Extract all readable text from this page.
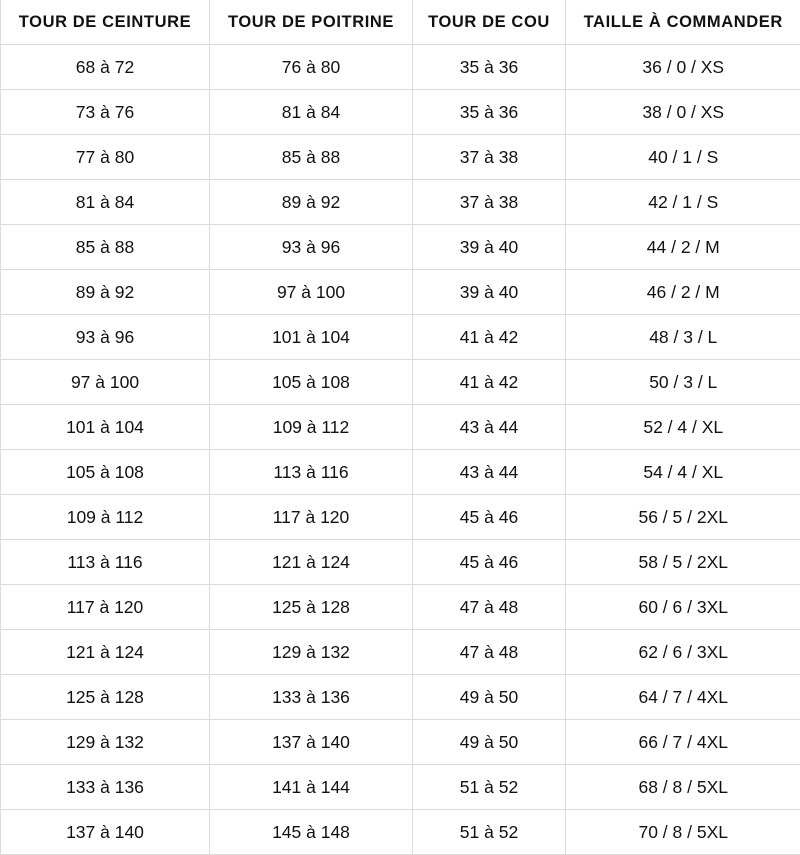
TOUR DE CEINTURE	TOUR DE POITRINE	TOUR DE COU	TAILLE À COMMANDER
68 à 72	76 à 80	35 à 36	36 / 0 / XS
73 à 76	81 à 84	35 à 36	38 / 0 / XS
77 à 80	85 à 88	37 à 38	40 / 1 / S
81 à 84	89 à 92	37 à 38	42 / 1 / S
85 à 88	93 à 96	39 à 40	44 / 2 / M
89 à 92	97 à 100	39 à 40	46 / 2 / M
93 à 96	101 à 104	41 à 42	48 / 3 / L
97 à 100	105 à 108	41 à 42	50 / 3 / L
101 à 104	109 à 112	43 à 44	52 / 4 / XL
105 à 108	113 à 116	43 à 44	54 / 4 / XL
109 à 112	117 à 120	45 à 46	56 / 5 / 2XL
113 à 116	121 à 124	45 à 46	58 / 5 / 2XL
117 à 120	125 à 128	47 à 48	60 / 6 / 3XL
121 à 124	129 à 132	47 à 48	62 / 6 / 3XL
125 à 128	133 à 136	49 à 50	64 / 7 / 4XL
129 à 132	137 à 140	49 à 50	66 / 7 / 4XL
133 à 136	141 à 144	51 à 52	68 / 8 / 5XL
137 à 140	145 à 148	51 à 52	70 / 8 / 5XL
